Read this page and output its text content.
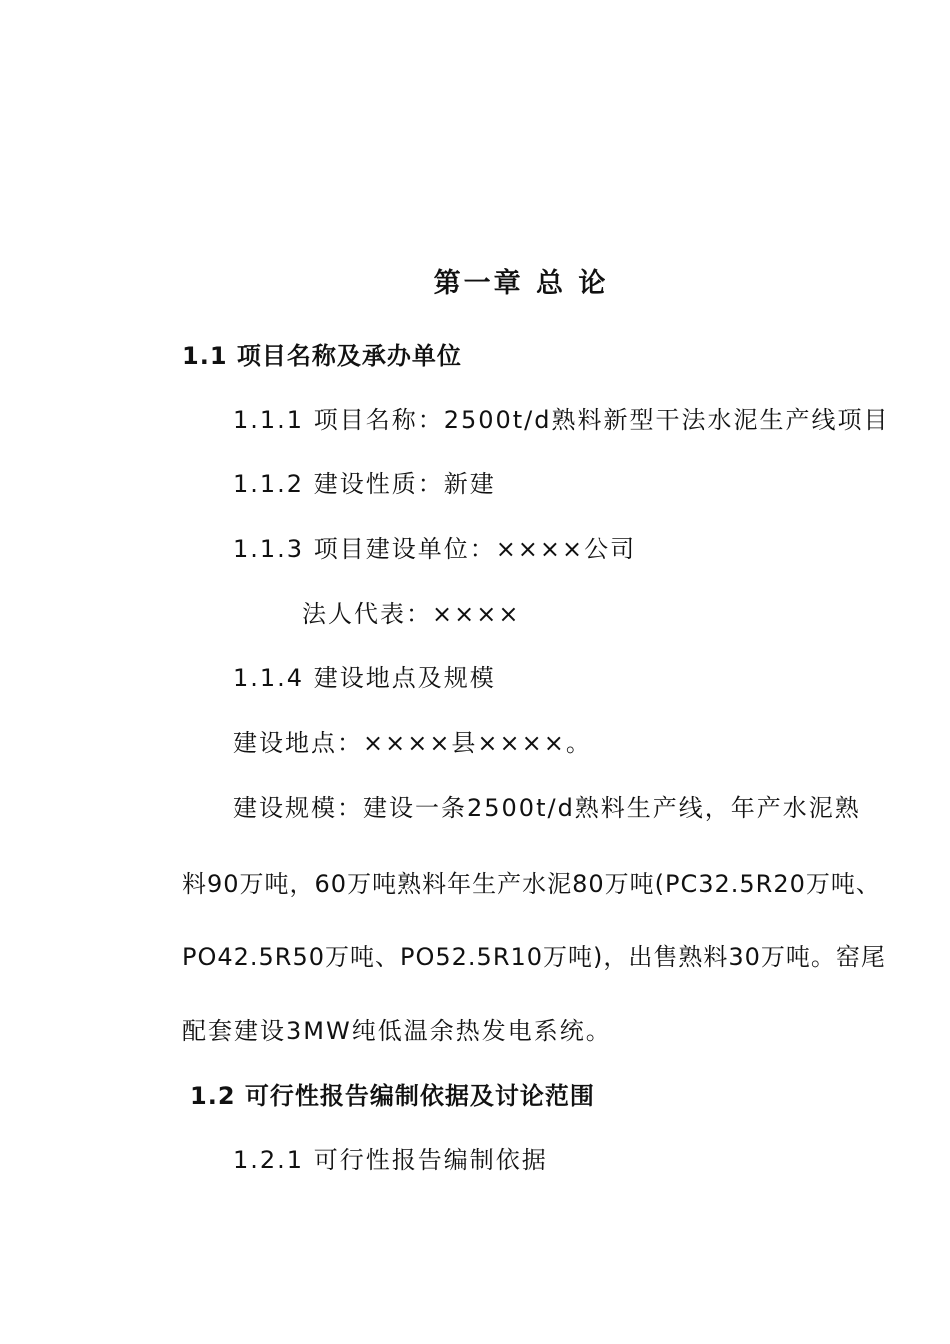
第一章 总 论
1.1 项目名称及承办单位
1.1.1 项目名称：2500t/d熟料新型干法水泥生产线项目
1.1.2 建设性质：新建
1.1.3 项目建设单位：××××公司
法人代表：××××
1.1.4 建设地点及规模
建设地点：××××县××××。
建设规模：建设一条2500t/d熟料生产线，年产水泥熟
料90万吨，60万吨熟料年生产水泥80万吨(PC32.5R20万吨、
PO42.5R50万吨、PO52.5R10万吨)，出售熟料30万吨。窑尾
配套建设3MW纯低温余热发电系统。
1.2 可行性报告编制依据及讨论范围
1.2.1 可行性报告编制依据
